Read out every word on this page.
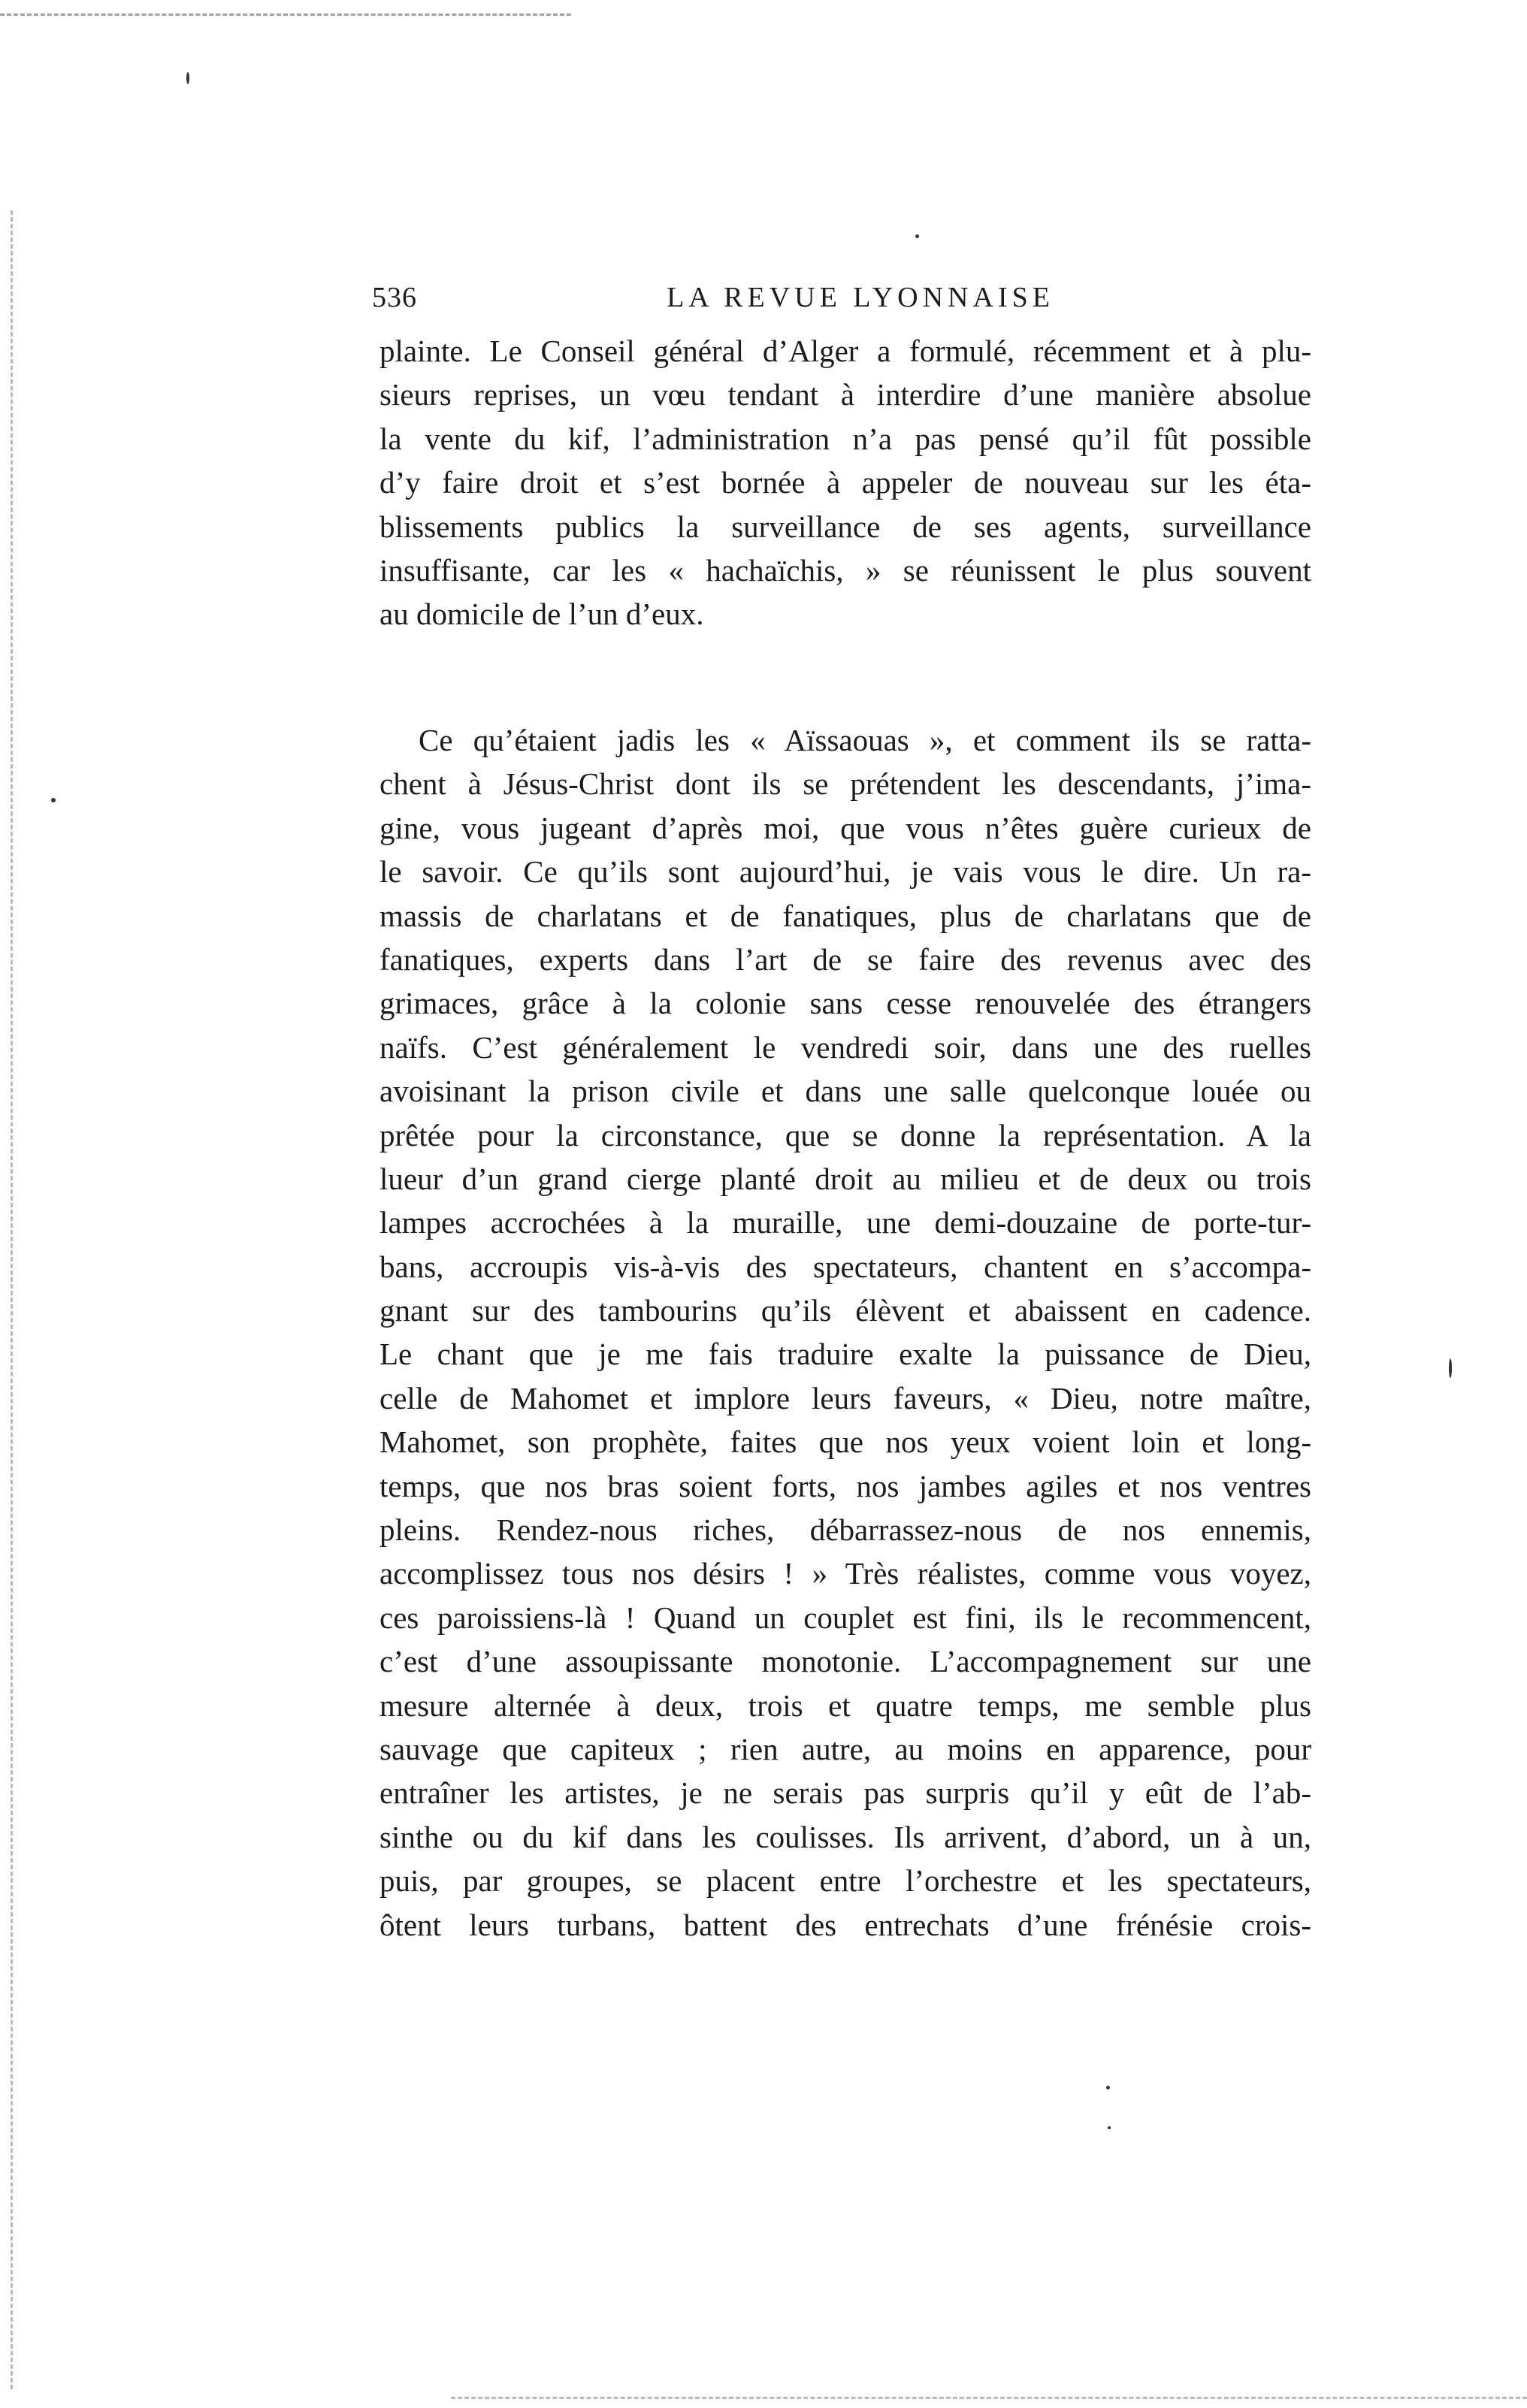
536	LA REVUE LYONNAISE
plainte. Le Conseil général d’Alger a formulé, récemment et à plu-
sieurs reprises, un vœu tendant à interdire d’une manière absolue
la vente du kif, l’administration n’a pas pensé qu’il fût possible
d’y faire droit et s’est bornée à appeler de nouveau sur les éta-
blissements publics la surveillance de ses agents, surveillance
insuffisante, car les « hachaïchis, » se réunissent le plus souvent
au domicile de l’un d’eux.
Ce qu’étaient jadis les « Aïssaouas », et comment ils se ratta-
chent à Jésus-Christ dont ils se prétendent les descendants, j’ima-
gine, vous jugeant d’après moi, que vous n’êtes guère curieux de
le savoir. Ce qu’ils sont aujourd’hui, je vais vous le dire. Un ra-
massis de charlatans et de fanatiques, plus de charlatans que de
fanatiques, experts dans l’art de se faire des revenus avec des
grimaces, grâce à la colonie sans cesse renouvelée des étrangers
naïfs. C’est généralement le vendredi soir, dans une des ruelles
avoisinant la prison civile et dans une salle quelconque louée ou
prêtée pour la circonstance, que se donne la représentation. A la
lueur d’un grand cierge planté droit au milieu et de deux ou trois
lampes accrochées à la muraille, une demi-douzaine de porte-tur-
bans, accroupis vis-à-vis des spectateurs, chantent en s’accompa-
gnant sur des tambourins qu’ils élèvent et abaissent en cadence.
Le chant que je me fais traduire exalte la puissance de Dieu,
celle de Mahomet et implore leurs faveurs, « Dieu, notre maître,
Mahomet, son prophète, faites que nos yeux voient loin et long-
temps, que nos bras soient forts, nos jambes agiles et nos ventres
pleins. Rendez-nous riches, débarrassez-nous de nos ennemis,
accomplissez tous nos désirs ! » Très réalistes, comme vous voyez,
ces paroissiens-là ! Quand un couplet est fini, ils le recommencent,
c’est d’une assoupissante monotonie. L’accompagnement sur une
mesure alternée à deux, trois et quatre temps, me semble plus
sauvage que capiteux ; rien autre, au moins en apparence, pour
entraîner les artistes, je ne serais pas surpris qu’il y eût de l’ab-
sinthe ou du kif dans les coulisses. Ils arrivent, d’abord, un à un,
puis, par groupes, se placent entre l’orchestre et les spectateurs,
ôtent leurs turbans, battent des entrechats d’une frénésie crois-
